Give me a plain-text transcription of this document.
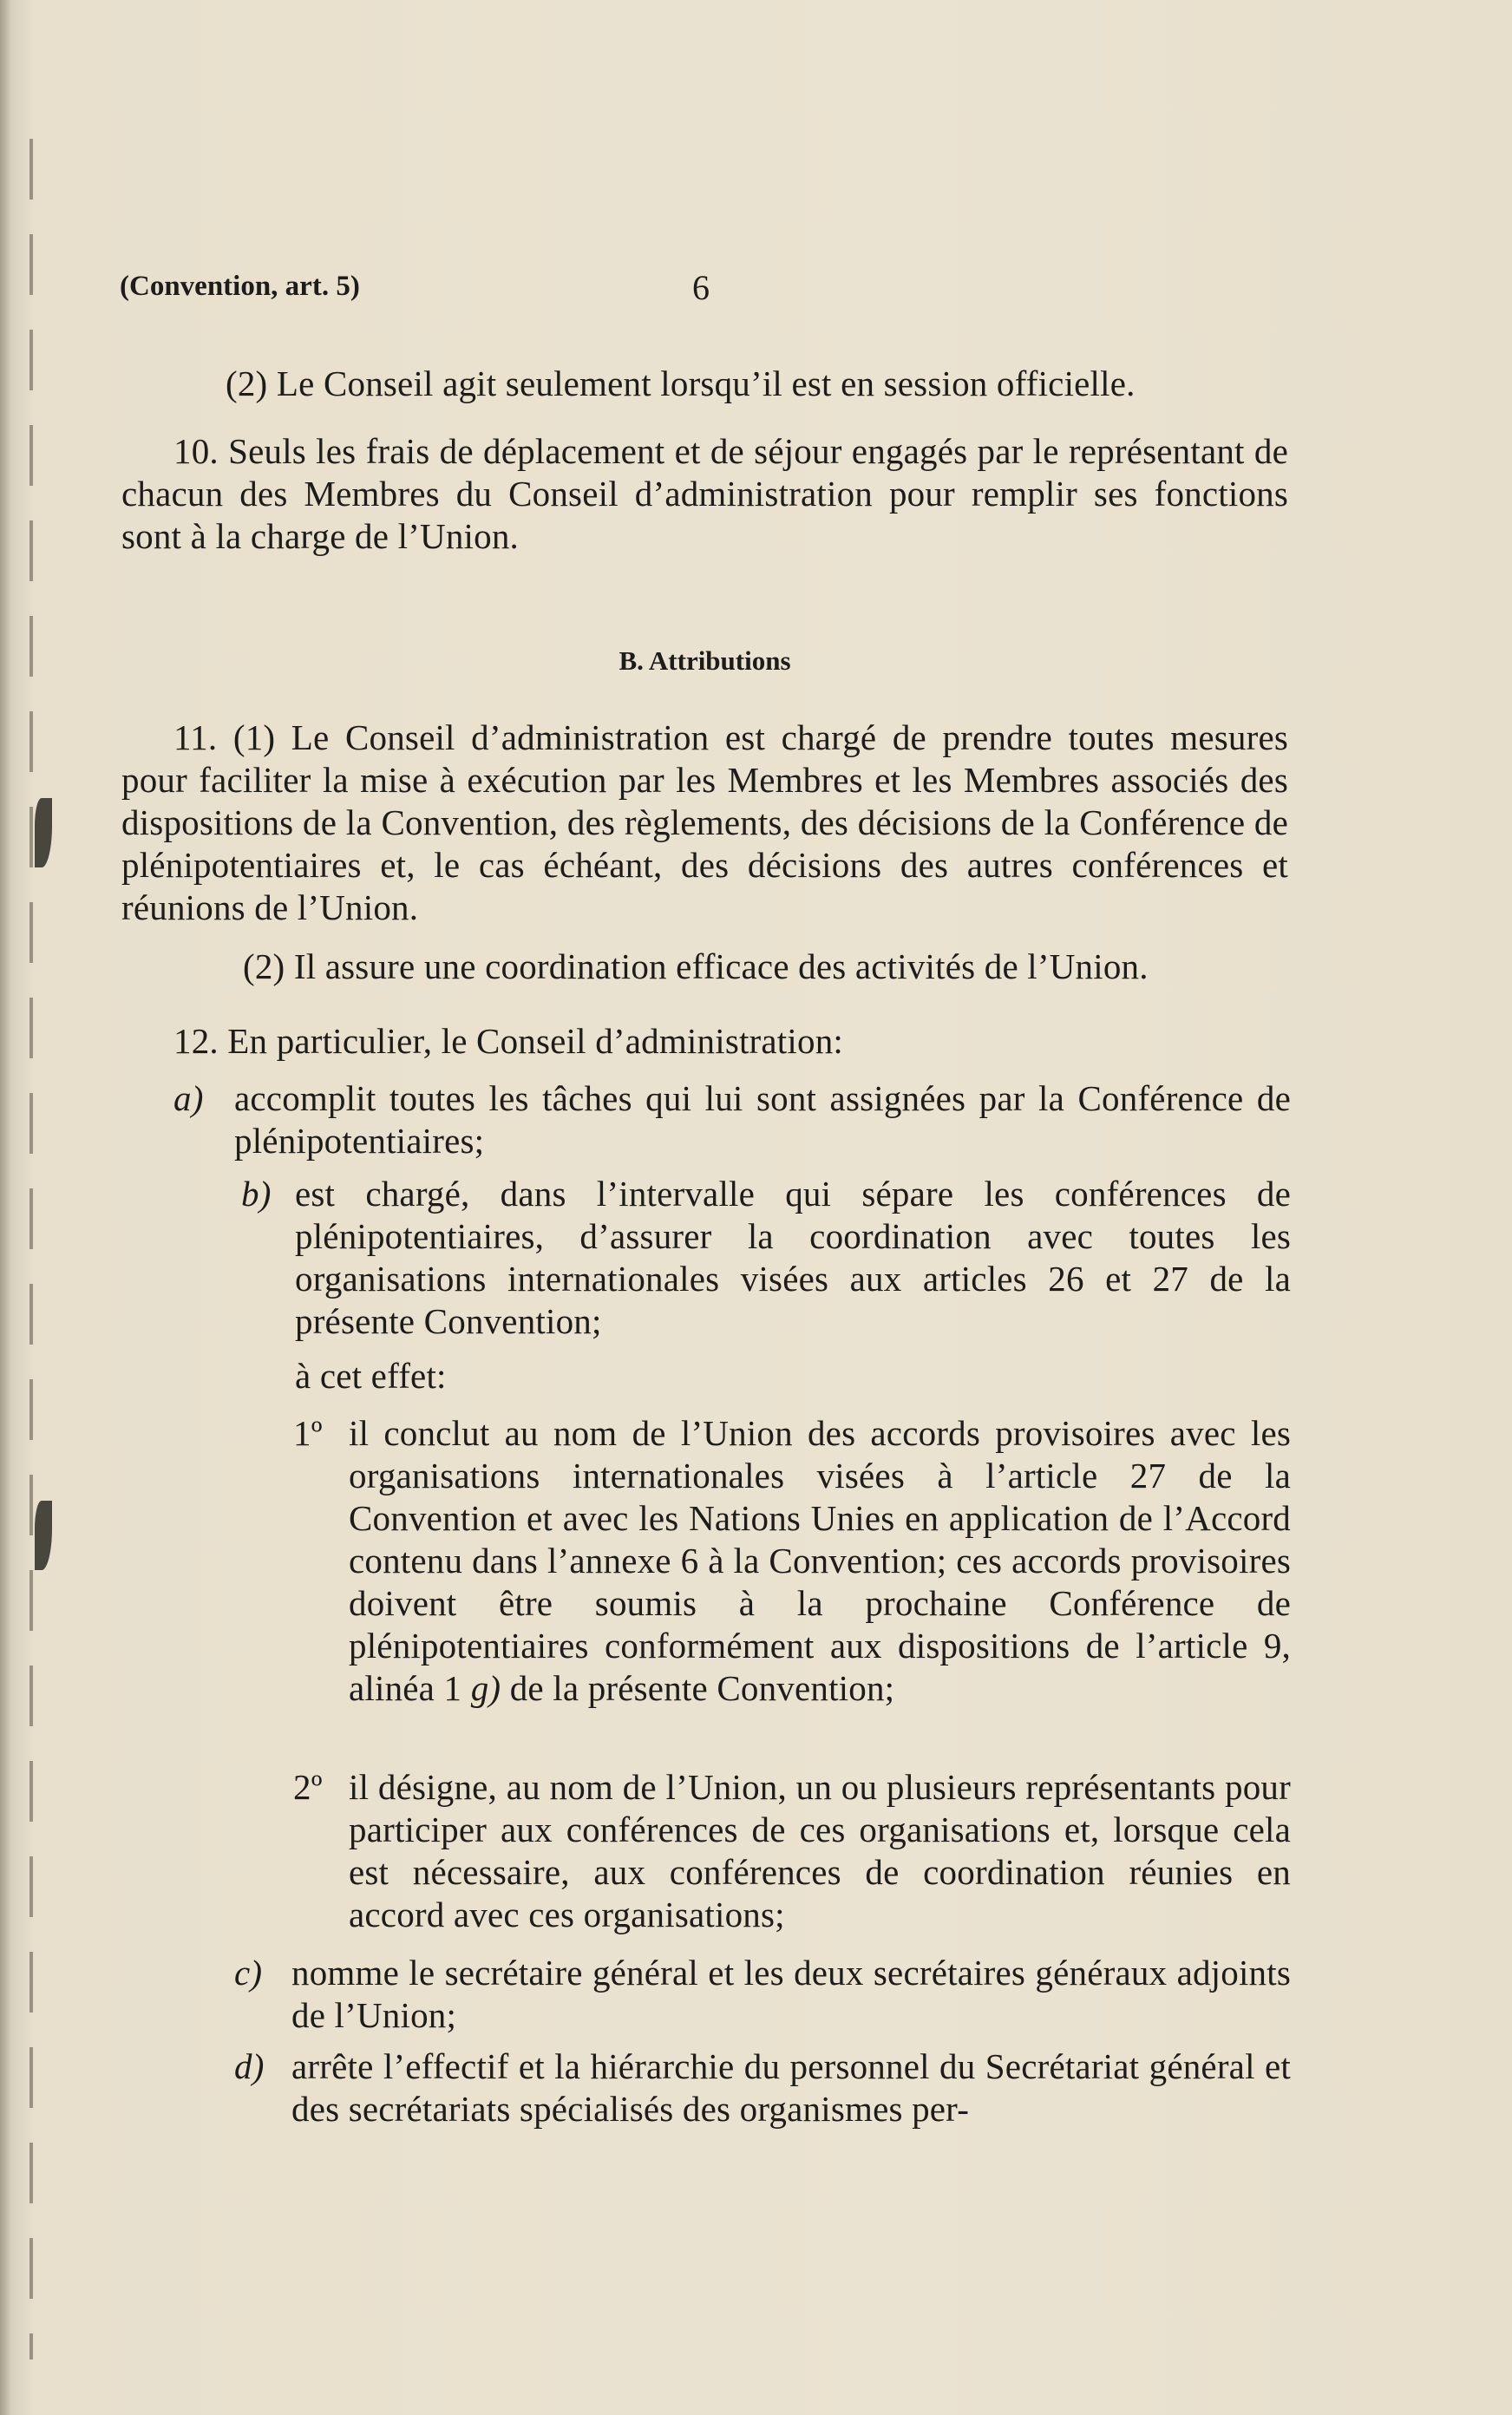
(Convention, art. 5)	6

(2) Le Conseil agit seulement lorsqu’il est en session officielle.

10. Seuls les frais de déplacement et de séjour engagés par le représentant de chacun des Membres du Conseil d’administration pour remplir ses fonctions sont à la charge de l’Union.

B. Attributions

11. (1) Le Conseil d’administration est chargé de prendre toutes mesures pour faciliter la mise à exécution par les Membres et les Membres associés des dispositions de la Convention, des règlements, des décisions de la Conférence de plénipotentiaires et, le cas échéant, des décisions des autres conférences et réunions de l’Union.

(2) Il assure une coordination efficace des activités de l’Union.

12. En particulier, le Conseil d’administration:

a) accomplit toutes les tâches qui lui sont assignées par la Conférence de plénipotentiaires;

b) est chargé, dans l’intervalle qui sépare les conférences de plénipotentiaires, d’assurer la coordination avec toutes les organisations internationales visées aux articles 26 et 27 de la présente Convention;

à cet effet:

1º il conclut au nom de l’Union des accords provisoires avec les organisations internationales visées à l’article 27 de la Convention et avec les Nations Unies en application de l’Accord contenu dans l’annexe 6 à la Convention; ces accords provisoires doivent être soumis à la prochaine Conférence de plénipotentiaires conformément aux dispositions de l’article 9, alinéa 1 g) de la présente Convention;

2º il désigne, au nom de l’Union, un ou plusieurs représentants pour participer aux conférences de ces organisations et, lorsque cela est nécessaire, aux conférences de coordination réunies en accord avec ces organisations;

c) nomme le secrétaire général et les deux secrétaires généraux adjoints de l’Union;

d) arrête l’effectif et la hiérarchie du personnel du Secrétariat général et des secrétariats spécialisés des organismes per-
